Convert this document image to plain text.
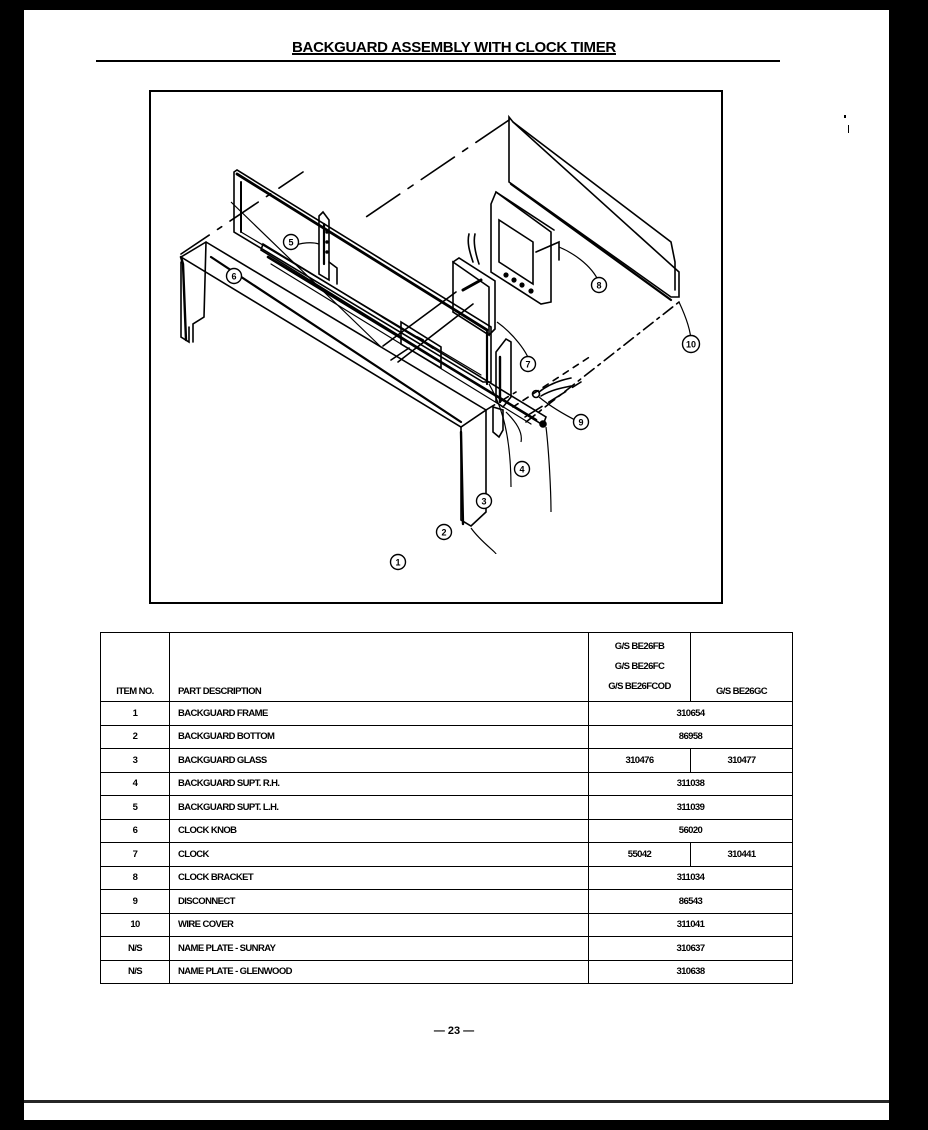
BACKGUARD ASSEMBLY WITH CLOCK TIMER
1
2
3
4
5
6
7
8
9
10
ITEM NO.	PART DESCRIPTION	G/S BE26FB
G/S BE26FC
G/S BE26FCOD	G/S BE26GC
1	BACKGUARD FRAME	310654	
2	BACKGUARD BOTTOM	86958	
3	BACKGUARD GLASS	310476	310477
4	BACKGUARD SUPT. R.H.	311038	
5	BACKGUARD SUPT. L.H.	311039	
6	CLOCK KNOB	56020	
7	CLOCK	55042	310441
8	CLOCK BRACKET	311034	
9	DISCONNECT	86543	
10	WIRE COVER	311041	
N/S	NAME PLATE - SUNRAY	310637	
N/S	NAME PLATE - GLENWOOD	310638	
— 23 —
